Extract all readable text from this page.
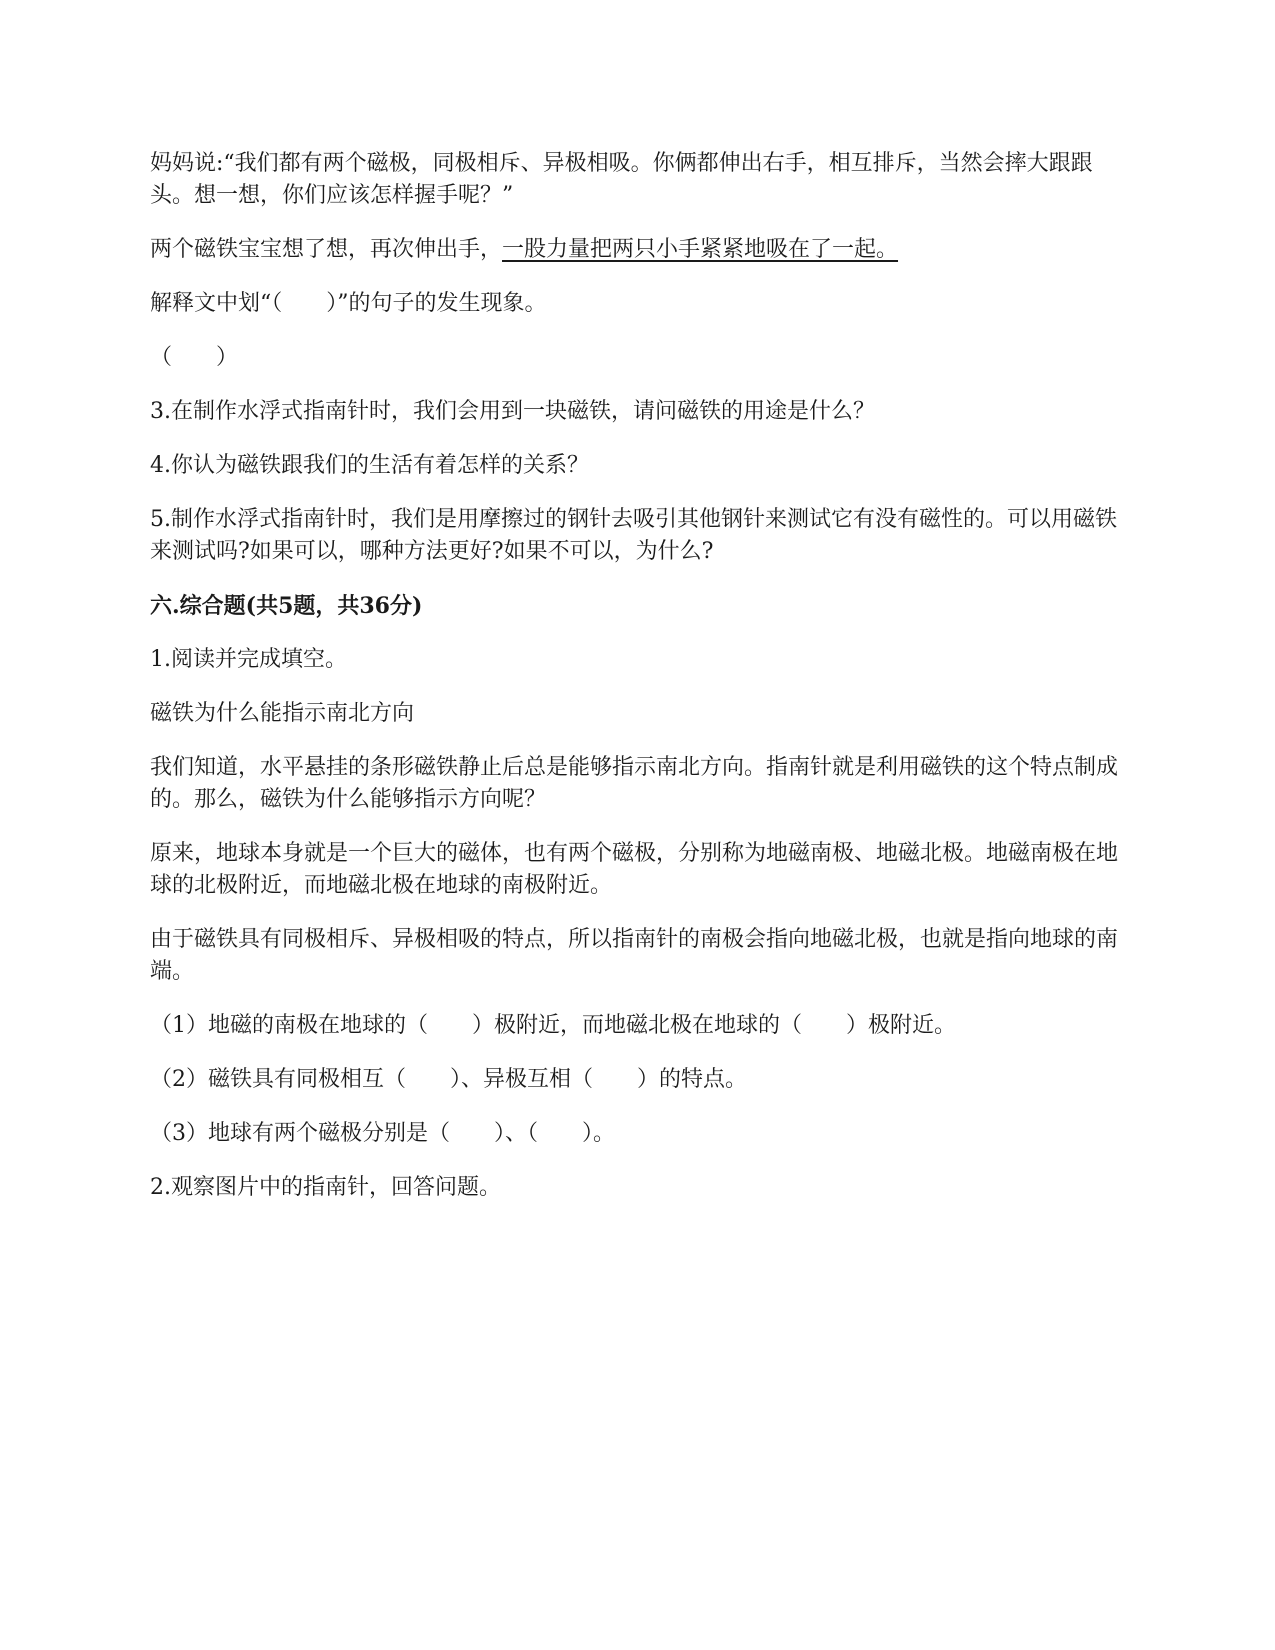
妈妈说:“我们都有两个磁极，同极相斥、异极相吸。你俩都伸出右手，相互排斥，当然会摔大跟跟头。想一想，你们应该怎样握手呢？”

两个磁铁宝宝想了想，再次伸出手，一股力量把两只小手紧紧地吸在了一起。

解释文中划“（　　）”的句子的发生现象。

（　　）

3.在制作水浮式指南针时，我们会用到一块磁铁，请问磁铁的用途是什么？

4.你认为磁铁跟我们的生活有着怎样的关系？

5.制作水浮式指南针时，我们是用摩擦过的钢针去吸引其他钢针来测试它有没有磁性的。可以用磁铁来测试吗?如果可以，哪种方法更好?如果不可以，为什么?

六.综合题(共5题，共36分)

1.阅读并完成填空。

磁铁为什么能指示南北方向

我们知道，水平悬挂的条形磁铁静止后总是能够指示南北方向。指南针就是利用磁铁的这个特点制成的。那么，磁铁为什么能够指示方向呢？

原来，地球本身就是一个巨大的磁体，也有两个磁极，分别称为地磁南极、地磁北极。地磁南极在地球的北极附近，而地磁北极在地球的南极附近。

由于磁铁具有同极相斥、异极相吸的特点，所以指南针的南极会指向地磁北极，也就是指向地球的南端。

（1）地磁的南极在地球的（　　）极附近，而地磁北极在地球的（　　）极附近。

（2）磁铁具有同极相互（　　）、异极互相（　　）的特点。

（3）地球有两个磁极分别是（　　）、（　　）。

2.观察图片中的指南针，回答问题。
